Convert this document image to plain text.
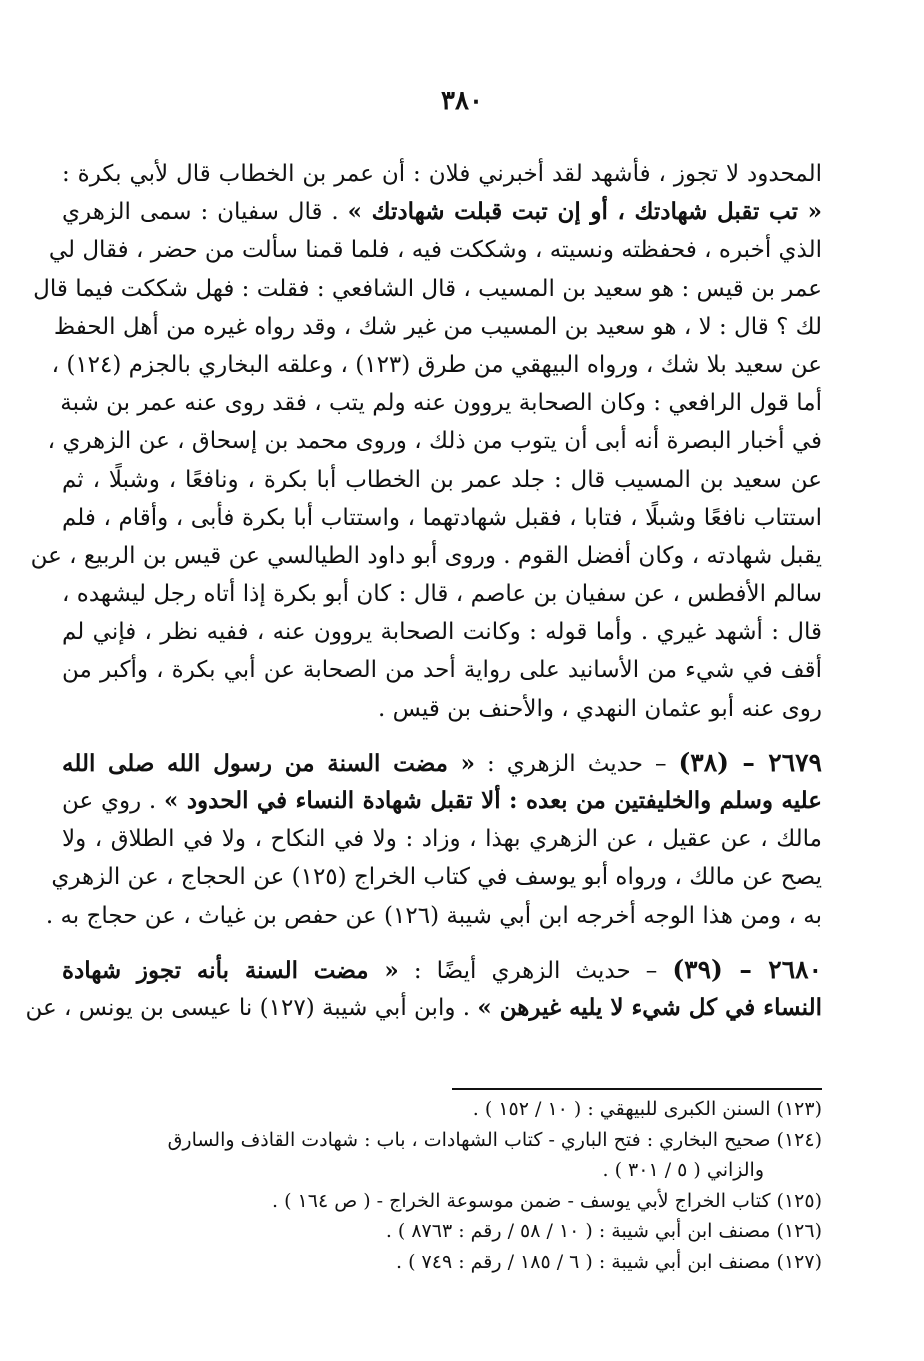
٣٨٠
المحدود لا تجوز ، فأشهد لقد أخبرني فلان : أن عمر بن الخطاب قال لأبي بكرة :
« تب تقبل شهادتك ، أو إن تبت قبلت شهادتك » . قال سفيان : سمى الزهري
الذي أخبره ، فحفظته ونسيته ، وشككت فيه ، فلما قمنا سألت من حضر ، فقال لي
عمر بن قيس : هو سعيد بن المسيب ، قال الشافعي : فقلت : فهل شككت فيما قال
لك ؟ قال : لا ، هو سعيد بن المسيب من غير شك ، وقد رواه غيره من أهل الحفظ
عن سعيد بلا شك ، ورواه البيهقي من طرق (١٢٣) ، وعلقه البخاري بالجزم (١٢٤) ،
أما قول الرافعي : وكان الصحابة يروون عنه ولم يتب ، فقد روى عنه عمر بن شبة
في أخبار البصرة أنه أبى أن يتوب من ذلك ، وروى محمد بن إسحاق ، عن الزهري ،
عن سعيد بن المسيب قال : جلد عمر بن الخطاب أبا بكرة ، ونافعًا ، وشبلًا ، ثم
استتاب نافعًا وشبلًا ، فتابا ، فقبل شهادتهما ، واستتاب أبا بكرة فأبى ، وأقام ، فلم
يقبل شهادته ، وكان أفضل القوم . وروى أبو داود الطيالسي عن قيس بن الربيع ، عن
سالم الأفطس ، عن سفيان بن عاصم ، قال : كان أبو بكرة إذا أتاه رجل ليشهده ،
قال : أشهد غيري . وأما قوله : وكانت الصحابة يروون عنه ، ففيه نظر ، فإني لم
أقف في شيء من الأسانيد على رواية أحد من الصحابة عن أبي بكرة ، وأكبر من
روى عنه أبو عثمان النهدي ، والأحنف بن قيس .
٢٦٧٩ – (٣٨) – حديث الزهري : « مضت السنة من رسول الله صلى الله
عليه وسلم والخليفتين من بعده : ألا تقبل شهادة النساء في الحدود » . روي عن
مالك ، عن عقيل ، عن الزهري بهذا ، وزاد : ولا في النكاح ، ولا في الطلاق ، ولا
يصح عن مالك ، ورواه أبو يوسف في كتاب الخراج (١٢٥) عن الحجاج ، عن الزهري
به ، ومن هذا الوجه أخرجه ابن أبي شيبة (١٢٦) عن حفص بن غياث ، عن حجاج به .
٢٦٨٠ – (٣٩) – حديث الزهري أيضًا : « مضت السنة بأنه تجوز شهادة
النساء في كل شيء لا يليه غيرهن » . وابن أبي شيبة (١٢٧) نا عيسى بن يونس ، عن
(١٢٣) السنن الكبرى للبيهقي : ( ١٠ / ١٥٢ ) .
(١٢٤) صحيح البخاري : فتح الباري - كتاب الشهادات ، باب : شهادت القاذف والسارق
والزاني ( ٥ / ٣٠١ ) .
(١٢٥) كتاب الخراج لأبي يوسف - ضمن موسوعة الخراج - ( ص ١٦٤ ) .
(١٢٦) مصنف ابن أبي شيبة : ( ١٠ / ٥٨ / رقم : ٨٧٦٣ ) .
(١٢٧) مصنف ابن أبي شيبة : ( ٦ / ١٨٥ / رقم : ٧٤٩ ) .
